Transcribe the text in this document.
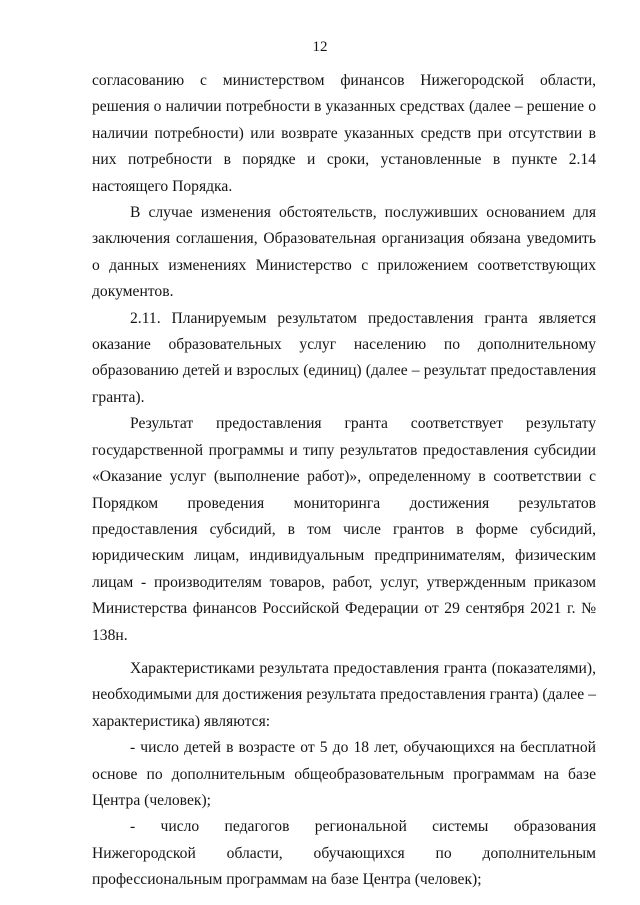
12

согласованию с министерством финансов Нижегородской области, решения о наличии потребности в указанных средствах (далее – решение о наличии потребности) или возврате указанных средств при отсутствии в них потребности в порядке и сроки, установленные в пункте 2.14 настоящего Порядка.

В случае изменения обстоятельств, послуживших основанием для заключения соглашения, Образовательная организация обязана уведомить о данных изменениях Министерство с приложением соответствующих документов.

2.11. Планируемым результатом предоставления гранта является оказание образовательных услуг населению по дополнительному образованию детей и взрослых (единиц) (далее – результат предоставления гранта).

Результат предоставления гранта соответствует результату государственной программы и типу результатов предоставления субсидии «Оказание услуг (выполнение работ)», определенному в соответствии с Порядком проведения мониторинга достижения результатов предоставления субсидий, в том числе грантов в форме субсидий, юридическим лицам, индивидуальным предпринимателям, физическим лицам - производителям товаров, работ, услуг, утвержденным приказом Министерства финансов Российской Федерации от 29 сентября 2021 г. № 138н.

Характеристиками результата предоставления гранта (показателями), необходимыми для достижения результата предоставления гранта) (далее – характеристика) являются:

- число детей в возрасте от 5 до 18 лет, обучающихся на бесплатной основе по дополнительным общеобразовательным программам на базе Центра (человек);

- число педагогов региональной системы образования Нижегородской области, обучающихся по дополнительным профессиональным программам на базе Центра (человек);
